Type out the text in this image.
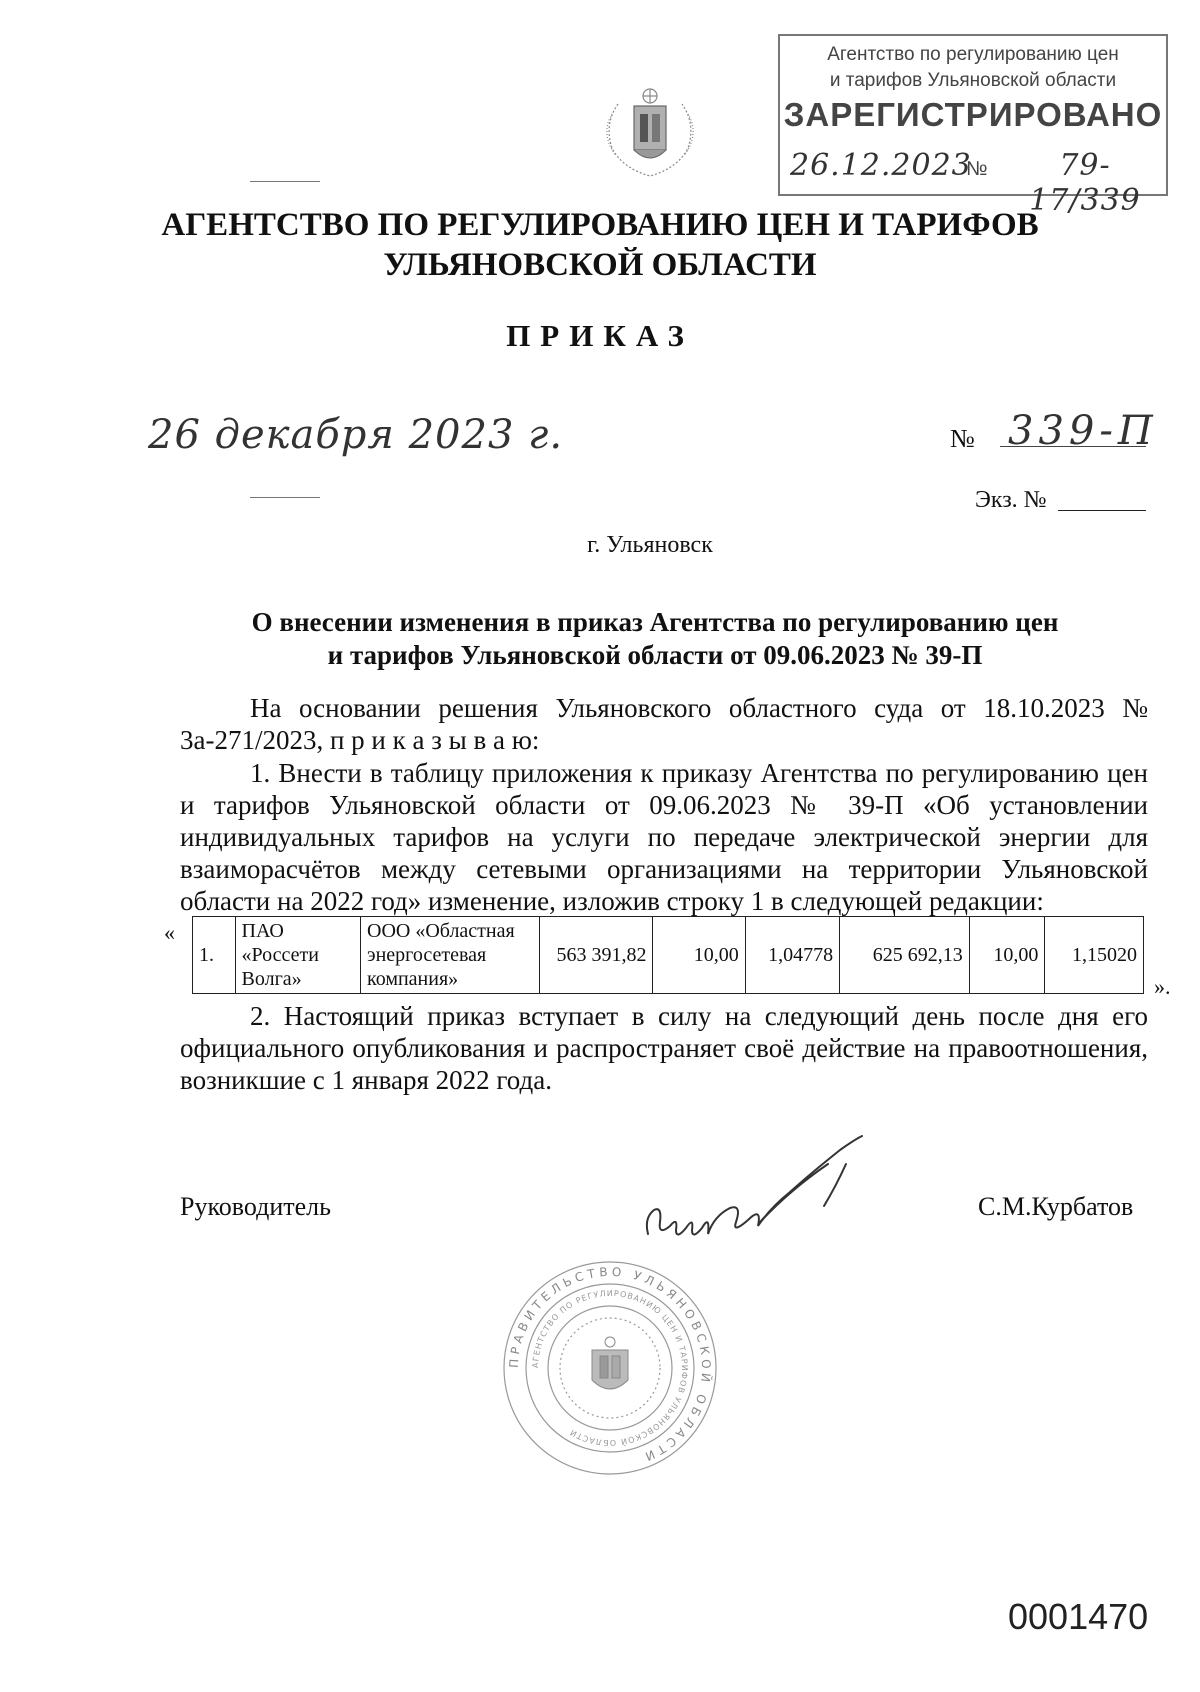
Агентство по регулированию цен
и тарифов Ульяновской области
ЗАРЕГИСТРИРОВАНО
26.12.2023
№	79-17/339
АГЕНТСТВО ПО РЕГУЛИРОВАНИЮ ЦЕН И ТАРИФОВ
УЛЬЯНОВСКОЙ ОБЛАСТИ
ПРИКАЗ
26 декабря 2023 г.	№ 339-П
Экз. №
г. Ульяновск
О внесении изменения в приказ Агентства по регулированию цен
и тарифов Ульяновской области от 09.06.2023 № 39-П
На основании решения Ульяновского областного суда от 18.10.2023 № 3а-271/2023, п р и к а з ы в а ю:
1. Внести в таблицу приложения к приказу Агентства по регулированию цен и тарифов Ульяновской области от 09.06.2023 № 39-П «Об установлении индивидуальных тарифов на услуги по передаче электрической энергии для взаиморасчётов между сетевыми организациями на территории Ульяновской области на 2022 год» изменение, изложив строку 1 в следующей редакции:
«
1.	ПАО «Россети Волга»	ООО «Областная энергосетевая компания»	563 391,82	10,00	1,04778	625 692,13	10,00	1,15020
».
2. Настоящий приказ вступает в силу на следующий день после дня его официального опубликования и распространяет своё действие на правоотношения, возникшие с 1 января 2022 года.
Руководитель	С.М.Курбатов
ПРАВИТЕЛЬСТВО УЛЬЯНОВСКОЙ ОБЛАСТИ
АГЕНТСТВО ПО РЕГУЛИРОВАНИЮ ЦЕН И ТАРИФОВ УЛЬЯНОВСКОЙ ОБЛАСТИ
0001470
